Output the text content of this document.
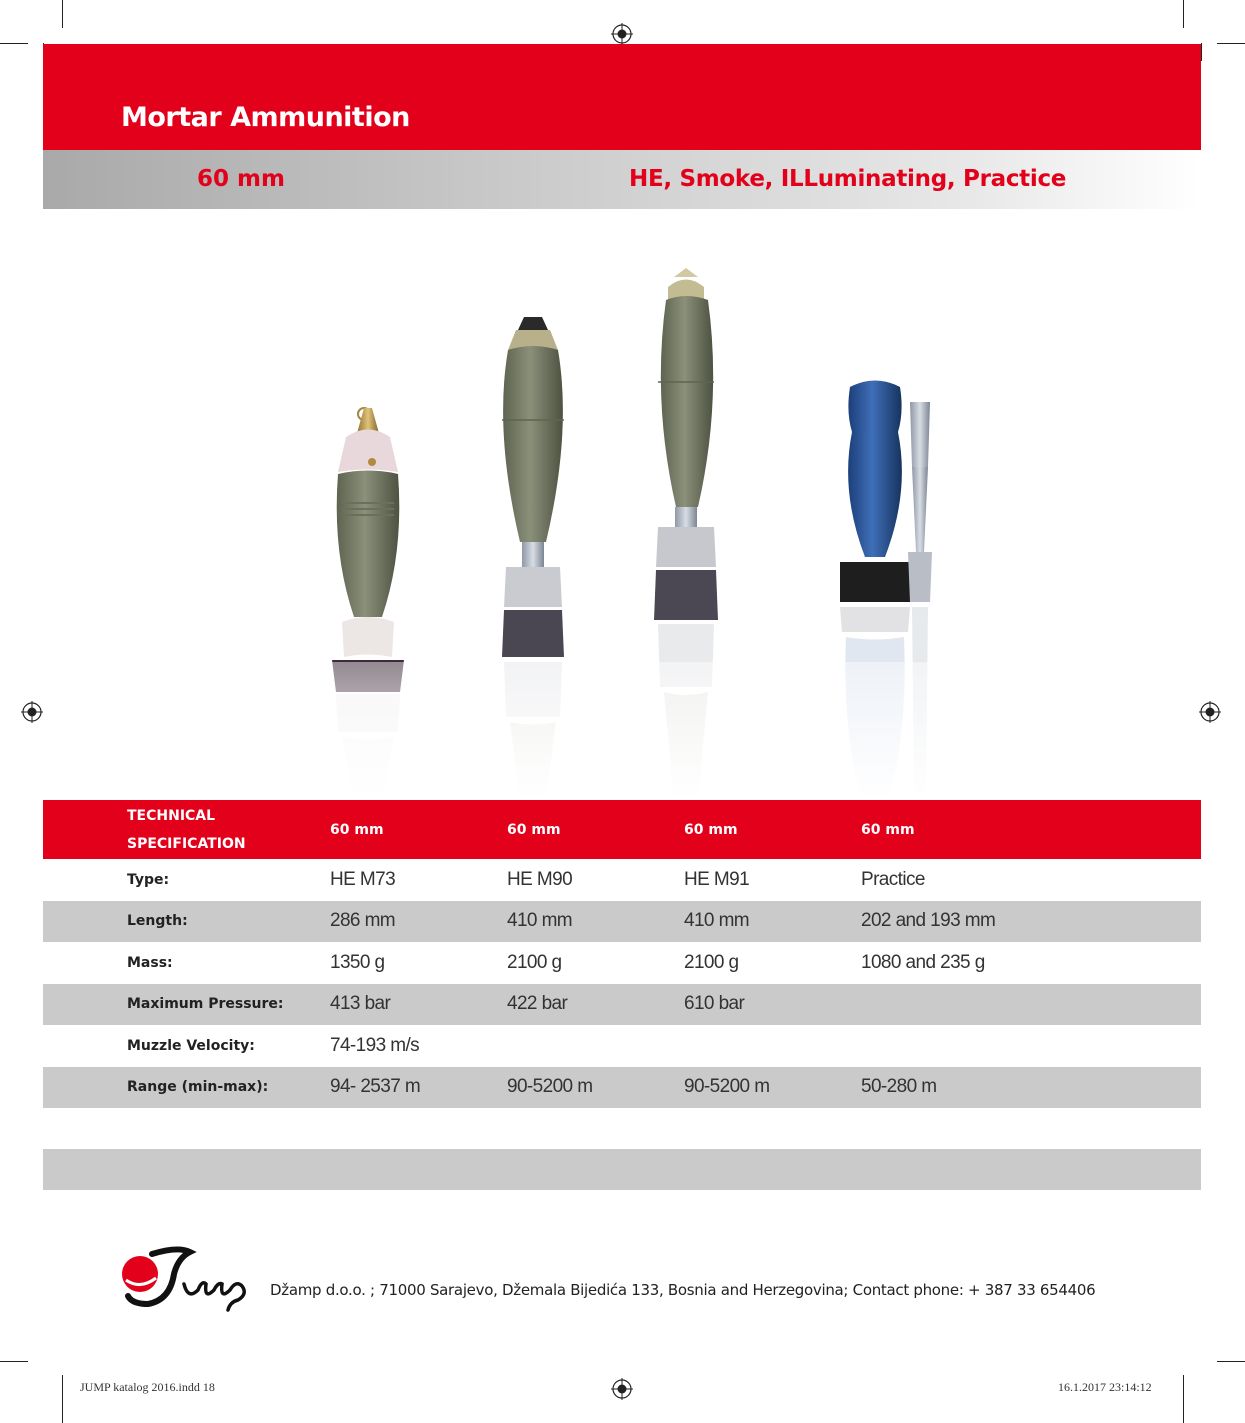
Mortar Ammunition
60 mm	HE, Smoke, ILLuminating, Practice
TECHNICAL
SPECIFICATION	60 mm	60 mm	60 mm	60 mm
Type:	HE M73	HE M90	HE M91	Practice
Length:	286 mm	410 mm	410 mm	202 and 193 mm
Mass:	1350 g	2100 g	2100 g	1080 and 235 g
Maximum Pressure:	413 bar	422 bar	610 bar	
Muzzle Velocity:	74-193 m/s			
Range (min-max):	94- 2537 m	90-5200 m	90-5200 m	50-280 m
Džamp d.o.o. ; 71000 Sarajevo, Džemala Bijedića 133, Bosnia and Herzegovina; Contact phone: + 387 33 654406
JUMP katalog 2016.indd 18	16.1.2017 23:14:12
